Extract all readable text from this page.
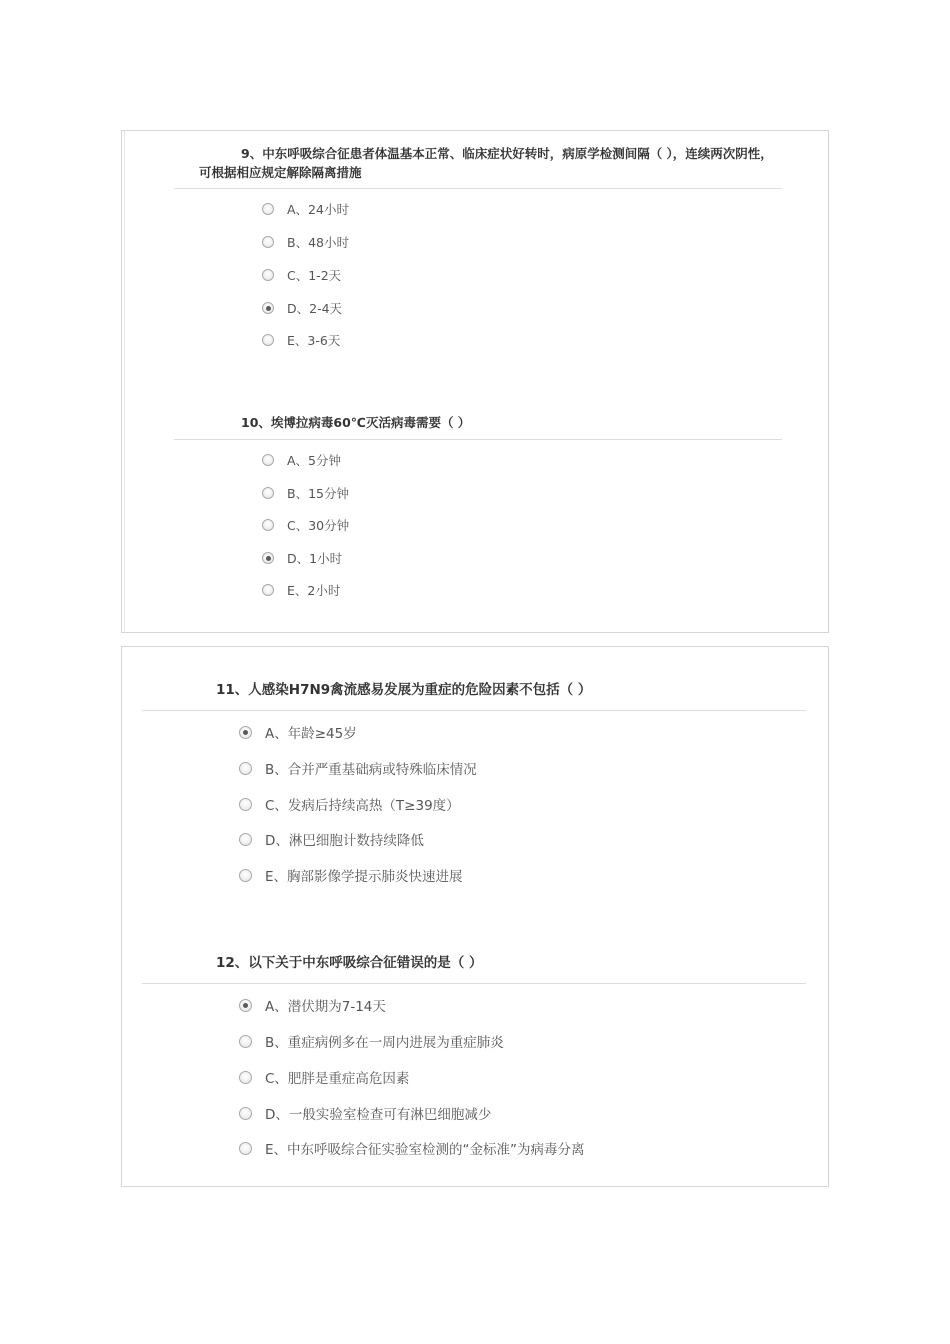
9、中东呼吸综合征患者体温基本正常、临床症状好转时，病原学检测间隔（ ），连续两次阴性，可根据相应规定解除隔离措施
A、24小时
B、48小时
C、1-2天
D、2-4天
E、3-6天
10、埃博拉病毒60℃灭活病毒需要（ ）
A、5分钟
B、15分钟
C、30分钟
D、1小时
E、2小时
11、人感染H7N9禽流感易发展为重症的危险因素不包括（ ）
A、年龄≥45岁
B、合并严重基础病或特殊临床情况
C、发病后持续高热（T≥39度）
D、淋巴细胞计数持续降低
E、胸部影像学提示肺炎快速进展
12、以下关于中东呼吸综合征错误的是（ ）
A、潜伏期为7-14天
B、重症病例多在一周内进展为重症肺炎
C、肥胖是重症高危因素
D、一般实验室检查可有淋巴细胞减少
E、中东呼吸综合征实验室检测的“金标准”为病毒分离
